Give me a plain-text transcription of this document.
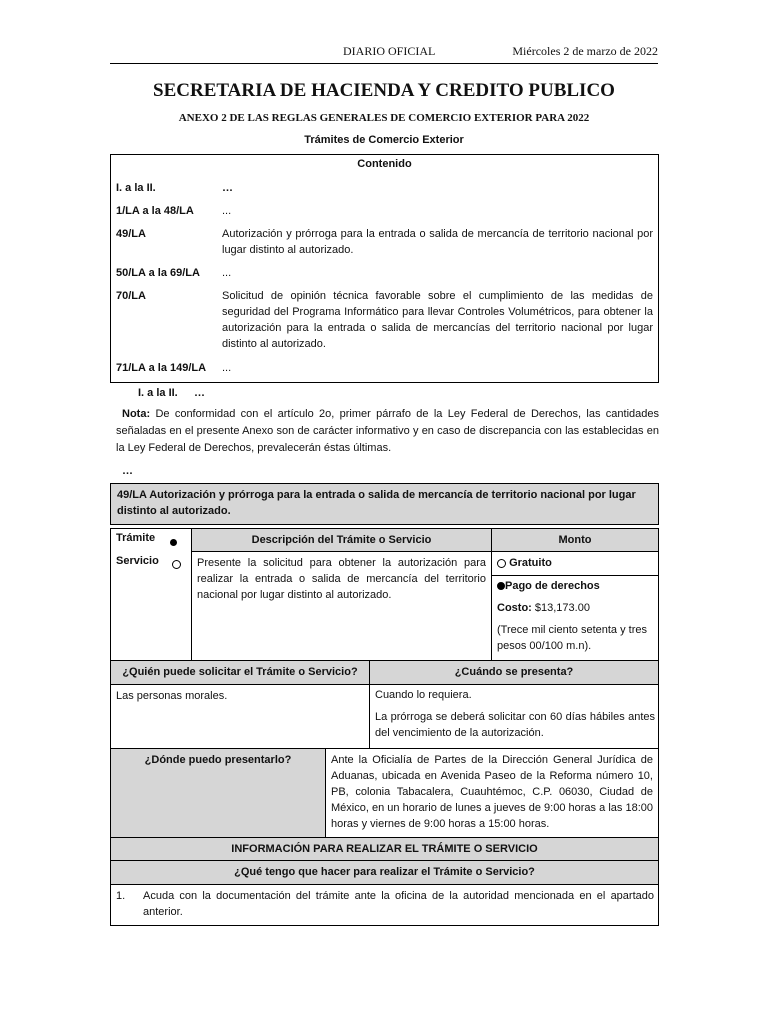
DIARIO OFICIAL	Miércoles 2 de marzo de 2022
SECRETARIA DE HACIENDA Y CREDITO PUBLICO
ANEXO 2 DE LAS REGLAS GENERALES DE COMERCIO EXTERIOR PARA 2022
Trámites de Comercio Exterior
Contenido
I. a la II.	…
1/LA a la 48/LA	...
49/LA	Autorización y prórroga para la entrada o salida de mercancía de territorio nacional por lugar distinto al autorizado.
50/LA a la 69/LA ...
70/LA	Solicitud de opinión técnica favorable sobre el cumplimiento de las medidas de seguridad del Programa Informático para llevar Controles Volumétricos, para obtener la autorización para la entrada o salida de mercancías del territorio nacional por lugar distinto al autorizado.
71/LA a la 149/LA ...
I. a la II. …
Nota: De conformidad con el artículo 2o, primer párrafo de la Ley Federal de Derechos, las cantidades señaladas en el presente Anexo son de carácter informativo y en caso de discrepancia con las establecidas en la Ley Federal de Derechos, prevalecerán éstas últimas.
…
49/LA Autorización y prórroga para la entrada o salida de mercancía de territorio nacional por lugar distinto al autorizado.
Trámite
Servicio
Descripción del Trámite o Servicio
Presente la solicitud para obtener la autorización para realizar la entrada o salida de mercancía del territorio nacional por lugar distinto al autorizado.
Monto
Gratuito
Pago de derechos
Costo: $13,173.00
(Trece mil ciento setenta y tres pesos 00/100 m.n).
¿Quién puede solicitar el Trámite o Servicio?	¿Cuándo se presenta?
Las personas morales.	Cuando lo requiera.
La prórroga se deberá solicitar con 60 días hábiles antes del vencimiento de la autorización.
¿Dónde puedo presentarlo?	Ante la Oficialía de Partes de la Dirección General Jurídica de Aduanas, ubicada en Avenida Paseo de la Reforma número 10, PB, colonia Tabacalera, Cuauhtémoc, C.P. 06030, Ciudad de México, en un horario de lunes a jueves de 9:00 horas a las 18:00 horas y viernes de 9:00 horas a 15:00 horas.
INFORMACIÓN PARA REALIZAR EL TRÁMITE O SERVICIO
¿Qué tengo que hacer para realizar el Trámite o Servicio?
1. Acuda con la documentación del trámite ante la oficina de la autoridad mencionada en el apartado anterior.
